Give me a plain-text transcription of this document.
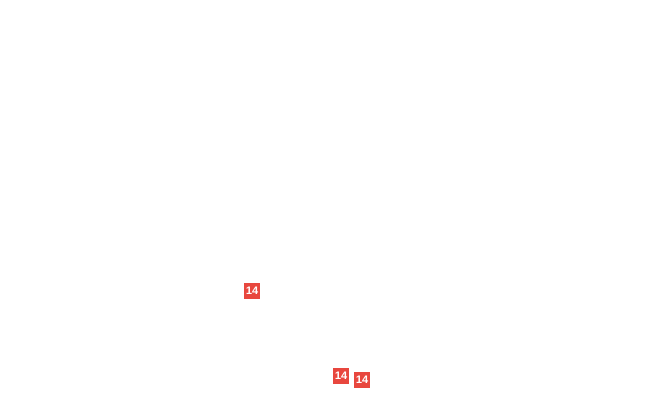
14
14 14
